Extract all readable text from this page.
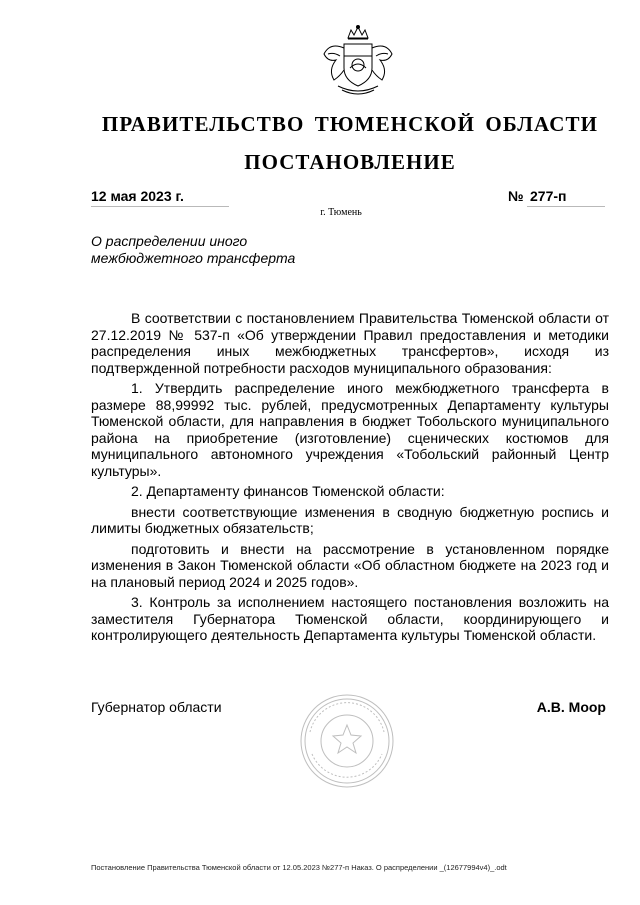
ПРАВИТЕЛЬСТВО ТЮМЕНСКОЙ ОБЛАСТИ
ПОСТАНОВЛЕНИЕ
12 мая 2023 г.	№ 277-п
г. Тюмень
О распределении иного
межбюджетного трансферта

В соответствии с постановлением Правительства Тюменской области от 27.12.2019 № 537-п «Об утверждении Правил предоставления и методики распределения иных межбюджетных трансфертов», исходя из подтвержденной потребности расходов муниципального образования:

1. Утвердить распределение иного межбюджетного трансферта в размере 88,99992 тыс. рублей, предусмотренных Департаменту культуры Тюменской области, для направления в бюджет Тобольского муниципального района на приобретение (изготовление) сценических костюмов для муниципального автономного учреждения «Тобольский районный Центр культуры».

2. Департаменту финансов Тюменской области:

внести соответствующие изменения в сводную бюджетную роспись и лимиты бюджетных обязательств;

подготовить и внести на рассмотрение в установленном порядке изменения в Закон Тюменской области «Об областном бюджете на 2023 год и на плановый период 2024 и 2025 годов».

3. Контроль за исполнением настоящего постановления возложить на заместителя Губернатора Тюменской области, координирующего и контролирующего деятельность Департамента культуры Тюменской области.

Губернатор области	А.В. Моор
Постановление Правительства Тюменской области от 12.05.2023 №277-п Наказ. О распределении _(12677994v4)_.odt
